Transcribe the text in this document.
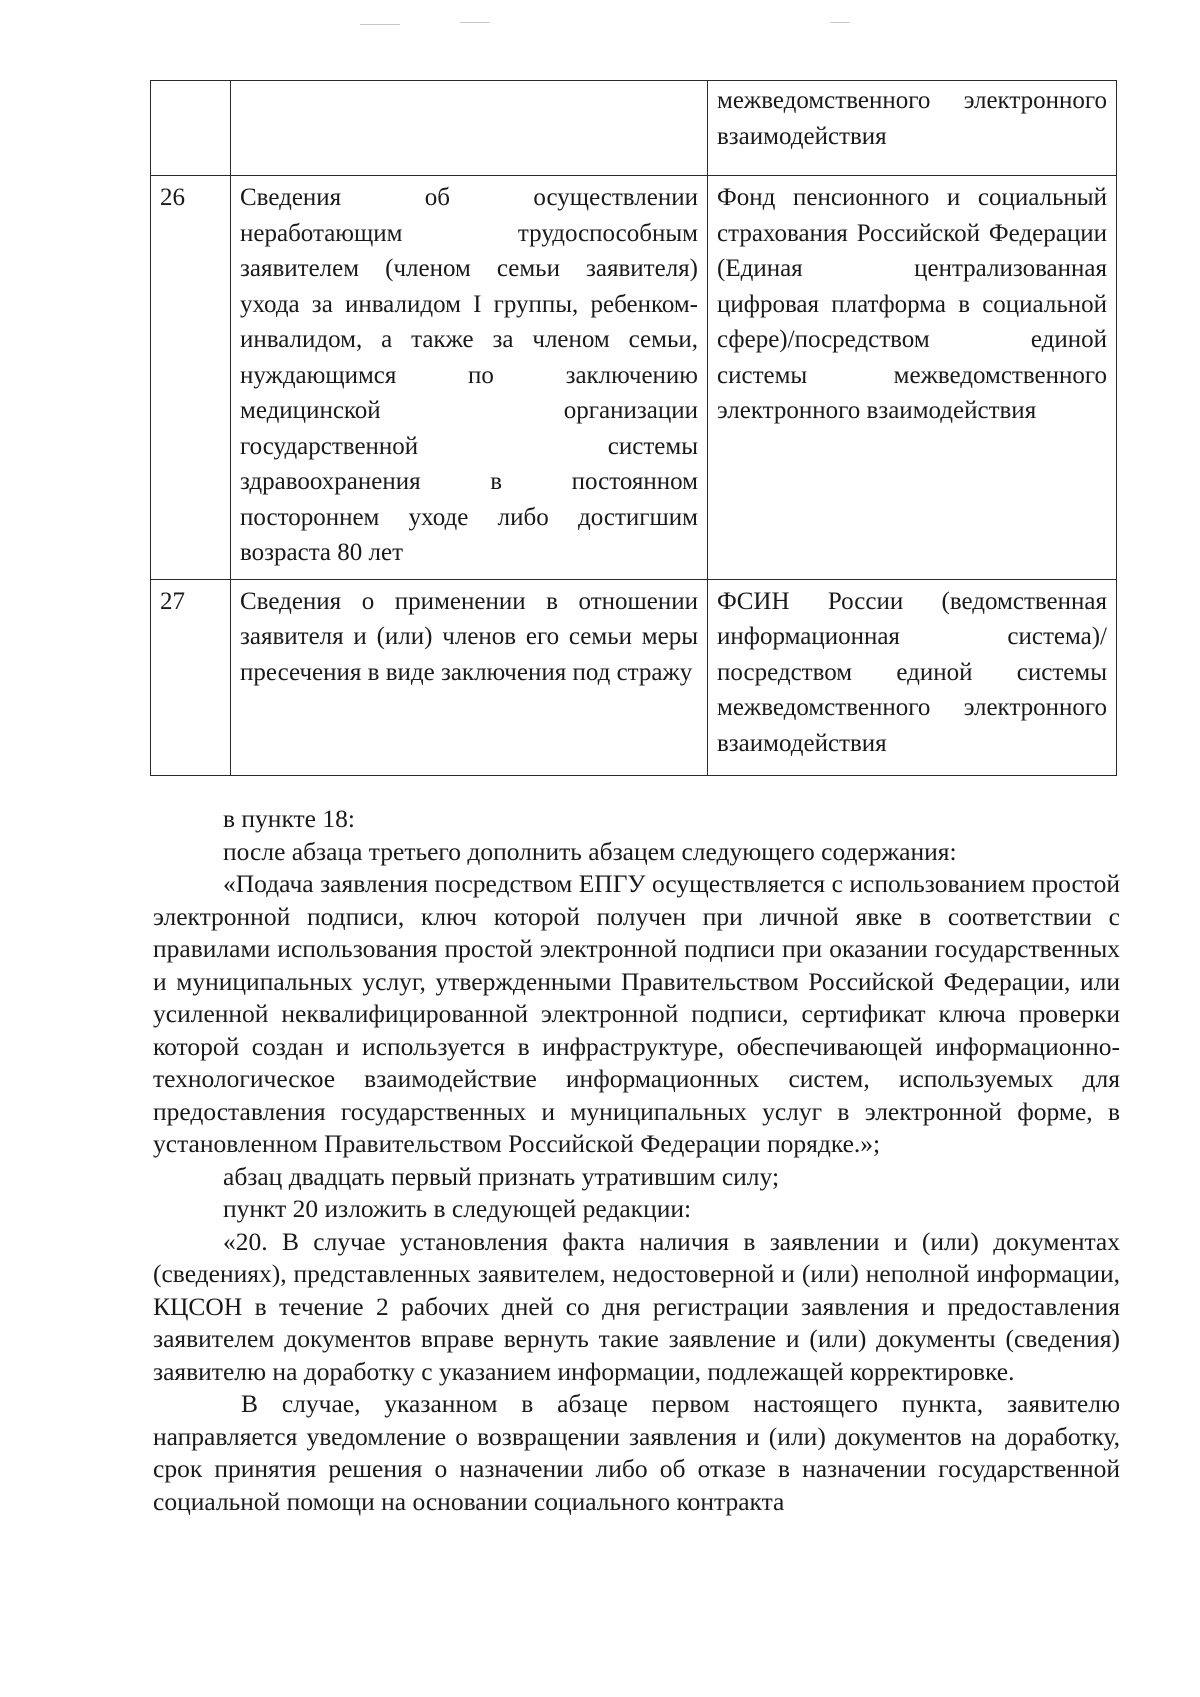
		межведомственного электронного взаимодействия
26	Сведения об осуществлении неработающим трудоспособным заявителем (членом семьи заявителя) ухода за инвалидом I группы, ребенком-инвалидом, а также за членом семьи, нуждающимся по заключению медицинской организации государственной системы здравоохранения в постоянном постороннем уходе либо достигшим возраста 80 лет	Фонд пенсионного и социальный страхования Российской Федерации (Единая централизованная цифровая платформа в социальной сфере)/посредством единой системы межведомственного электронного взаимодействия
27	Сведения о применении в отношении заявителя и (или) членов его семьи меры пресечения в виде заключения под стражу	ФСИН России (ведомственная информационная система)/посредством единой системы межведомственного электронного взаимодействия

в пункте 18:

после абзаца третьего дополнить абзацем следующего содержания:

«Подача заявления посредством ЕПГУ осуществляется с использованием простой электронной подписи, ключ которой получен при личной явке в соответствии с правилами использования простой электронной подписи при оказании государственных и муниципальных услуг, утвержденными Правительством Российской Федерации, или усиленной неквалифицированной электронной подписи, сертификат ключа проверки которой создан и используется в инфраструктуре, обеспечивающей информационно-технологическое взаимодействие информационных систем, используемых для предоставления государственных и муниципальных услуг в электронной форме, в установленном Правительством Российской Федерации порядке.»;

абзац двадцать первый признать утратившим силу;

пункт 20 изложить в следующей редакции:

«20. В случае установления факта наличия в заявлении и (или) документах (сведениях), представленных заявителем, недостоверной и (или) неполной информации, КЦСОН в течение 2 рабочих дней со дня регистрации заявления и предоставления заявителем документов вправе вернуть такие заявление и (или) документы (сведения) заявителю на доработку с указанием информации, подлежащей корректировке.

В случае, указанном в абзаце первом настоящего пункта, заявителю направляется уведомление о возвращении заявления и (или) документов на доработку, срок принятия решения о назначении либо об отказе в назначении государственной социальной помощи на основании социального контракта
